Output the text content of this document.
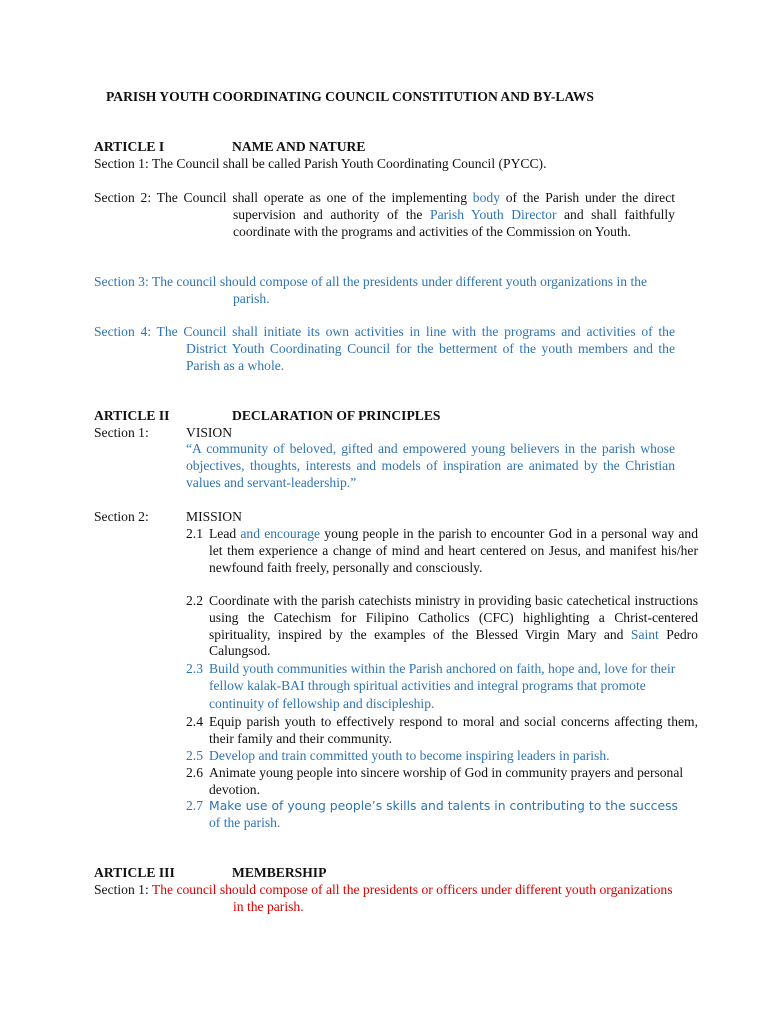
PARISH YOUTH COORDINATING COUNCIL CONSTITUTION AND BY-LAWS
ARTICLE I	NAME AND NATURE
Section 1: The Council shall be called Parish Youth Coordinating Council (PYCC).
Section 2: The Council shall operate as one of the implementing body of the Parish under the direct supervision and authority of the Parish Youth Director and shall faithfully coordinate with the programs and activities of the Commission on Youth.
Section 3: The council should compose of all the presidents under different youth organizations in the parish.
Section 4: The Council shall initiate its own activities in line with the programs and activities of the District Youth Coordinating Council for the betterment of the youth members and the Parish as a whole.
ARTICLE II	DECLARATION OF PRINCIPLES
Section 1:	VISION
“A community of beloved, gifted and empowered young believers in the parish whose objectives, thoughts, interests and models of inspiration are animated by the Christian values and servant-leadership.”
Section 2:	MISSION
2.1 Lead and encourage young people in the parish to encounter God in a personal way and let them experience a change of mind and heart centered on Jesus, and manifest his/her newfound faith freely, personally and consciously.
2.2 Coordinate with the parish catechists ministry in providing basic catechetical instructions using the Catechism for Filipino Catholics (CFC) highlighting a Christ-centered spirituality, inspired by the examples of the Blessed Virgin Mary and Saint Pedro Calungsod.
2.3 Build youth communities within the Parish anchored on faith, hope and, love for their fellow kalak-BAI through spiritual activities and integral programs that promote continuity of fellowship and discipleship.
2.4 Equip parish youth to effectively respond to moral and social concerns affecting them, their family and their community.
2.5 Develop and train committed youth to become inspiring leaders in parish.
2.6 Animate young people into sincere worship of God in community prayers and personal devotion.
2.7 Make use of young people’s skills and talents in contributing to the success
of the parish.
ARTICLE III	MEMBERSHIP
Section 1: The council should compose of all the presidents or officers under different youth organizations in the parish.
